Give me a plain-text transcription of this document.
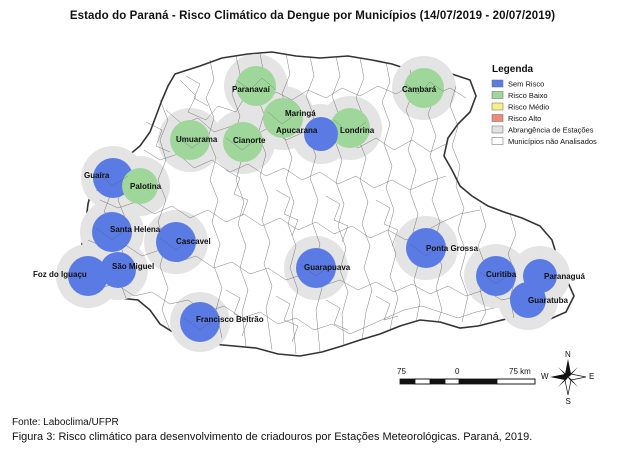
Estado do Paraná - Risco Climático da Dengue por Municípios (14/07/2019 - 20/07/2019)
Paranavaí	Cambará
Maringá
Apucarana	Londrina
Umuarama Cianorte
Guaíra
Palotina
Santa Helena
Cascavel
Foz do Iguaçu
São Miguel	Guarapuava
Ponta Grossa
Curitiba	Paranaguá
Guaratuba
Francisco Beltrão
Legenda
Sem Risco
Risco Baixo
Risco Médio
Risco Alto
Abrangência de Estações
Municípios não Analisados
75	0	75 km
N
S
E
W
Fonte: Laboclima/UFPR
Figura 3: Risco climático para desenvolvimento de criadouros por Estações Meteorológicas. Paraná, 2019.
